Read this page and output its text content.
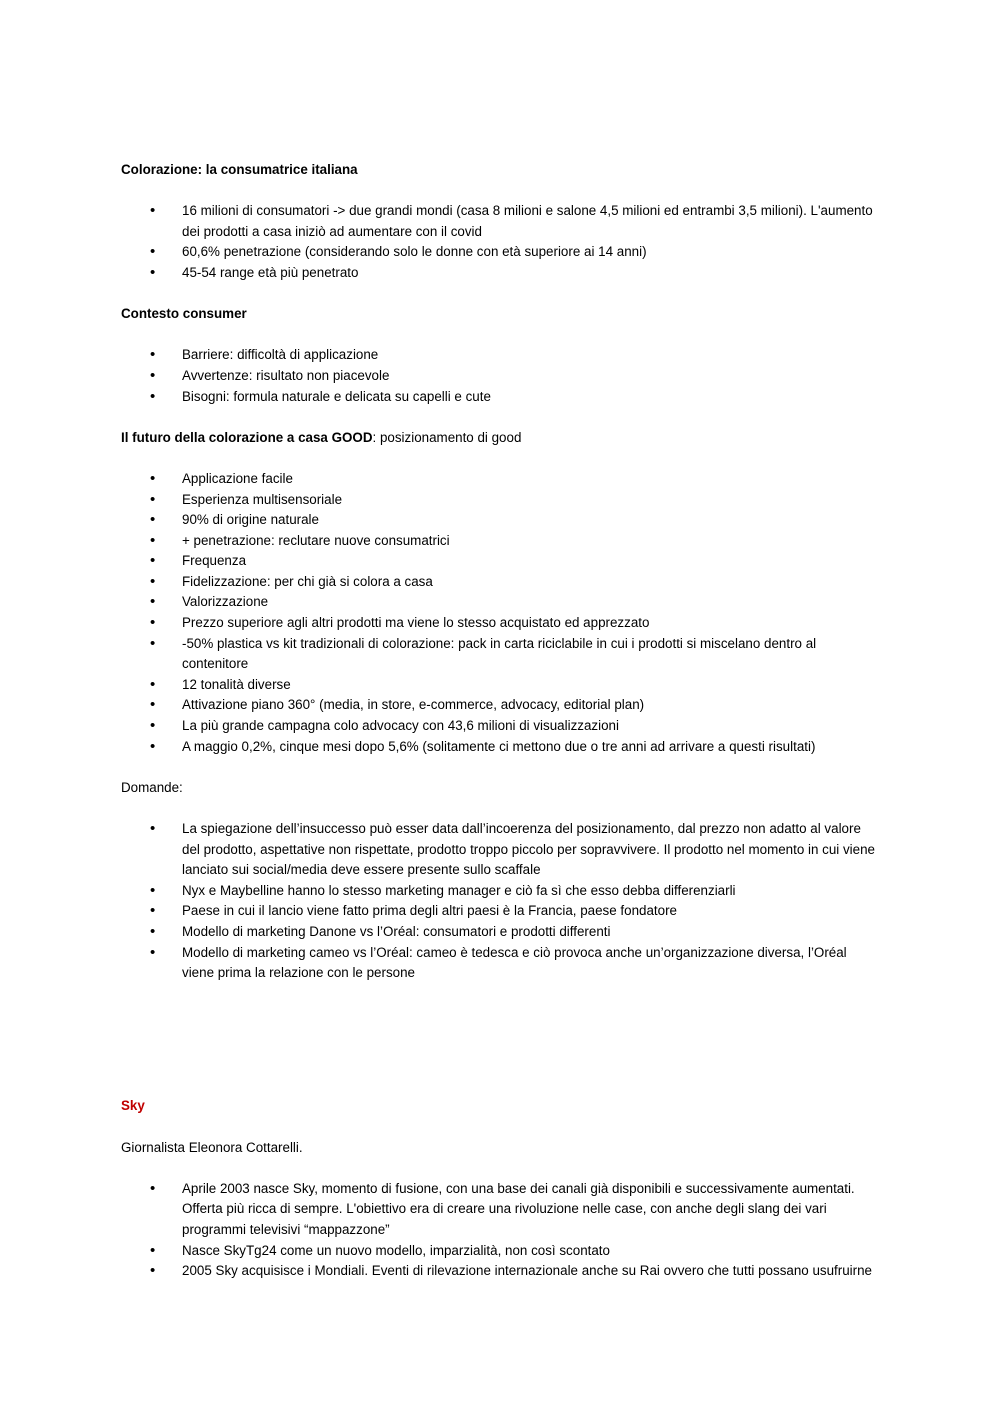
Colorazione: la consumatrice italiana

• 16 milioni di consumatori -> due grandi mondi (casa 8 milioni e salone 4,5 milioni ed entrambi 3,5 milioni). L'aumento dei prodotti a casa iniziò ad aumentare con il covid
• 60,6% penetrazione (considerando solo le donne con età superiore ai 14 anni)
• 45-54 range età più penetrato

Contesto consumer

• Barriere: difficoltà di applicazione
• Avvertenze: risultato non piacevole
• Bisogni: formula naturale e delicata su capelli e cute

Il futuro della colorazione a casa GOOD: posizionamento di good

• Applicazione facile
• Esperienza multisensoriale
• 90% di origine naturale
• + penetrazione: reclutare nuove consumatrici
• Frequenza
• Fidelizzazione: per chi già si colora a casa
• Valorizzazione
• Prezzo superiore agli altri prodotti ma viene lo stesso acquistato ed apprezzato
• -50% plastica vs kit tradizionali di colorazione: pack in carta riciclabile in cui i prodotti si miscelano dentro al contenitore
• 12 tonalità diverse
• Attivazione piano 360° (media, in store, e-commerce, advocacy, editorial plan)
• La più grande campagna colo advocacy con 43,6 milioni di visualizzazioni
• A maggio 0,2%, cinque mesi dopo 5,6% (solitamente ci mettono due o tre anni ad arrivare a questi risultati)

Domande:

• La spiegazione dell’insuccesso può esser data dall’incoerenza del posizionamento, dal prezzo non adatto al valore del prodotto, aspettative non rispettate, prodotto troppo piccolo per sopravvivere. Il prodotto nel momento in cui viene lanciato sui social/media deve essere presente sullo scaffale
• Nyx e Maybelline hanno lo stesso marketing manager e ciò fa sì che esso debba differenziarli
• Paese in cui il lancio viene fatto prima degli altri paesi è la Francia, paese fondatore
• Modello di marketing Danone vs l’Oréal: consumatori e prodotti differenti
• Modello di marketing cameo vs l’Oréal: cameo è tedesca e ciò provoca anche un’organizzazione diversa, l’Oréal viene prima la relazione con le persone

Sky

Giornalista Eleonora Cottarelli.

• Aprile 2003 nasce Sky, momento di fusione, con una base dei canali già disponibili e successivamente aumentati. Offerta più ricca di sempre. L'obiettivo era di creare una rivoluzione nelle case, con anche degli slang dei vari programmi televisivi “mappazzone”
• Nasce SkyTg24 come un nuovo modello, imparzialità, non così scontato
• 2005 Sky acquisisce i Mondiali. Eventi di rilevazione internazionale anche su Rai ovvero che tutti possano usufruirne
